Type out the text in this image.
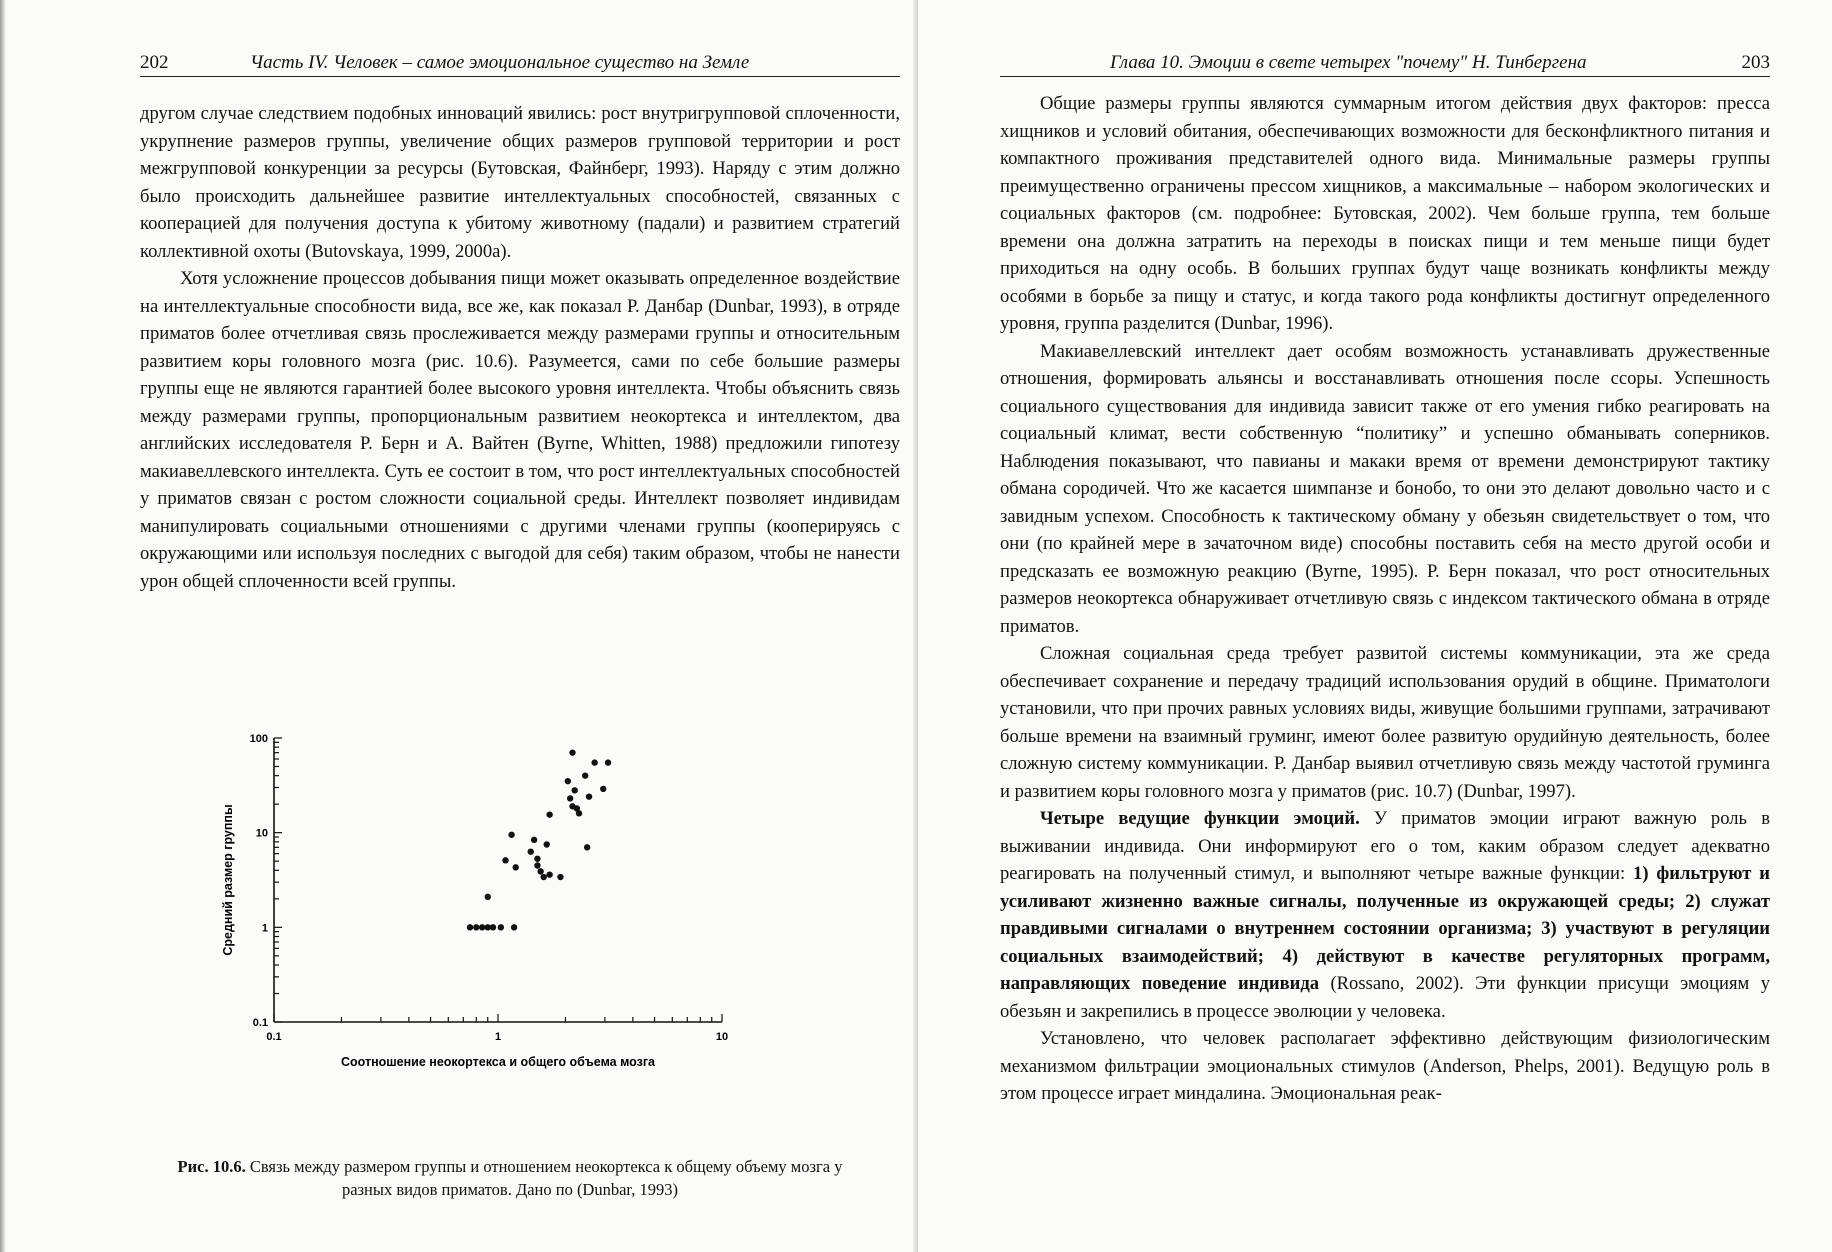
202	Часть IV. Человек – самое эмоциональное существо на Земле

другом случае следствием подобных инноваций явились: рост внутригрупповой сплоченности, укрупнение размеров группы, увеличение общих размеров групповой территории и рост межгрупповой конкуренции за ресурсы (Бутовская, Файнберг, 1993). Наряду с этим должно было происходить дальнейшее развитие интеллектуальных способностей, связанных с кооперацией для получения доступа к убитому животному (падали) и развитием стратегий коллективной охоты (Butovskaya, 1999, 2000a).

Хотя усложнение процессов добывания пищи может оказывать определенное воздействие на интеллектуальные способности вида, все же, как показал Р. Данбар (Dunbar, 1993), в отряде приматов более отчетливая связь прослеживается между размерами группы и относительным развитием коры головного мозга (рис. 10.6). Разумеется, сами по себе большие размеры группы еще не являются гарантией более высокого уровня интеллекта. Чтобы объяснить связь между размерами группы, пропорциональным развитием неокортекса и интеллектом, два английских исследователя Р. Берн и А. Вайтен (Byrne, Whitten, 1988) предложили гипотезу макиавеллевского интеллекта. Суть ее состоит в том, что рост интеллектуальных способностей у приматов связан с ростом сложности социальной среды. Интеллект позволяет индивидам манипулировать социальными отношениями с другими членами группы (кооперируясь с окружающими или используя последних с выгодой для себя) таким образом, чтобы не нанести урон общей сплоченности всей группы.

0.1	1	10
100
10
1
0.1
Соотношение неокортекса и общего объема мозга
Средний размер группы
Рис. 10.6. Связь между размером группы и отношением неокортекса к общему объему мозга у разных видов приматов. Дано по (Dunbar, 1993)
Глава 10. Эмоции в свете четырех "почему" Н. Тинбергена	203

Общие размеры группы являются суммарным итогом действия двух факторов: пресса хищников и условий обитания, обеспечивающих возможности для бесконфликтного питания и компактного проживания представителей одного вида. Минимальные размеры группы преимущественно ограничены прессом хищников, а максимальные – набором экологических и социальных факторов (см. подробнее: Бутовская, 2002). Чем больше группа, тем больше времени она должна затратить на переходы в поисках пищи и тем меньше пищи будет приходиться на одну особь. В больших группах будут чаще возникать конфликты между особями в борьбе за пищу и статус, и когда такого рода конфликты достигнут определенного уровня, группа разделится (Dunbar, 1996).

Макиавеллевский интеллект дает особям возможность устанавливать дружественные отношения, формировать альянсы и восстанавливать отношения после ссоры. Успешность социального существования для индивида зависит также от его умения гибко реагировать на социальный климат, вести собственную “политику” и успешно обманывать соперников. Наблюдения показывают, что павианы и макаки время от времени демонстрируют тактику обмана сородичей. Что же касается шимпанзе и бонобо, то они это делают довольно часто и с завидным успехом. Способность к тактическому обману у обезьян свидетельствует о том, что они (по крайней мере в зачаточном виде) способны поставить себя на место другой особи и предсказать ее возможную реакцию (Byrne, 1995). Р. Берн показал, что рост относительных размеров неокортекса обнаруживает отчетливую связь с индексом тактического обмана в отряде приматов.

Сложная социальная среда требует развитой системы коммуникации, эта же среда обеспечивает сохранение и передачу традиций использования орудий в общине. Приматологи установили, что при прочих равных условиях виды, живущие большими группами, затрачивают больше времени на взаимный груминг, имеют более развитую орудийную деятельность, более сложную систему коммуникации. Р. Данбар выявил отчетливую связь между частотой груминга и развитием коры головного мозга у приматов (рис. 10.7) (Dunbar, 1997).

Четыре ведущие функции эмоций. У приматов эмоции играют важную роль в выживании индивида. Они информируют его о том, каким образом следует адекватно реагировать на полученный стимул, и выполняют четыре важные функции: 1) фильтруют и усиливают жизненно важные сигналы, полученные из окружающей среды; 2) служат правдивыми сигналами о внутреннем состоянии организма; 3) участвуют в регуляции социальных взаимодействий; 4) действуют в качестве регуляторных программ, направляющих поведение индивида (Rossano, 2002). Эти функции присущи эмоциям у обезьян и закрепились в процессе эволюции у человека.

Установлено, что человек располагает эффективно действующим физиологическим механизмом фильтрации эмоциональных стимулов (Anderson, Phelps, 2001). Ведущую роль в этом процессе играет миндалина. Эмоциональная реак-
